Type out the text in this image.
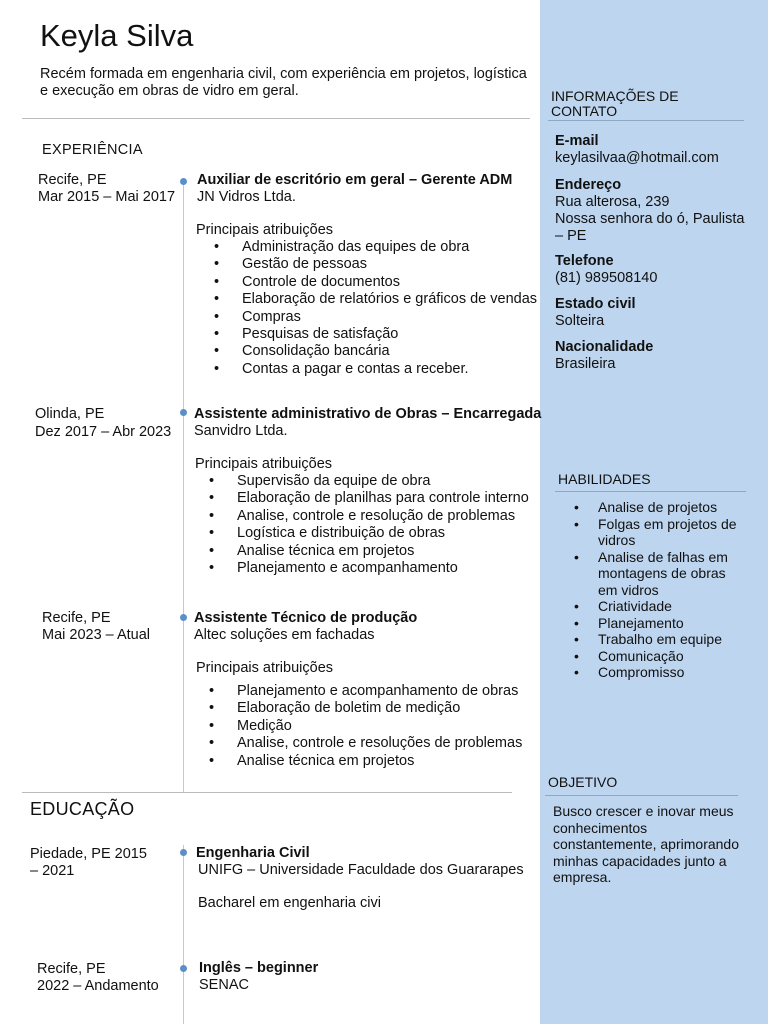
Keyla Silva
Recém formada em engenharia civil, com experiência em projetos, logística
e execução em obras de vidro em geral.
EXPERIÊNCIA
Recife, PE
Mar 2015 – Mai 2017
Auxiliar de escritório em geral – Gerente ADM
JN Vidros Ltda.
Principais atribuições
• Administração das equipes de obra
• Gestão de pessoas
• Controle de documentos
• Elaboração de relatórios e gráficos de vendas
• Compras
• Pesquisas de satisfação
• Consolidação bancária
• Contas a pagar e contas a receber.
Olinda, PE
Dez 2017 – Abr 2023
Assistente administrativo de Obras – Encarregada
Sanvidro Ltda.
Principais atribuições
• Supervisão da equipe de obra
• Elaboração de planilhas para controle interno
• Analise, controle e resolução de problemas
• Logística e distribuição de obras
• Analise técnica em projetos
• Planejamento e acompanhamento
Recife, PE
Mai 2023 – Atual
Assistente Técnico de produção
Altec soluções em fachadas
Principais atribuições
• Planejamento e acompanhamento de obras
• Elaboração de boletim de medição
• Medição
• Analise, controle e resoluções de problemas
• Analise técnica em projetos
EDUCAÇÃO
Piedade, PE 2015
– 2021
Engenharia Civil
UNIFG – Universidade Faculdade dos Guararapes
Bacharel em engenharia civi
Recife, PE
2022 – Andamento
Inglês – beginner
SENAC
INFORMAÇÕES DE
CONTATO
E-mail
keylasilvaa@hotmail.com
Endereço
Rua alterosa, 239
Nossa senhora do ó, Paulista
– PE
Telefone
(81) 989508140
Estado civil
Solteira
Nacionalidade
Brasileira
HABILIDADES
• Analise de projetos
• Folgas em projetos de
vidros
• Analise de falhas em
montagens de obras
em vidros
• Criatividade
• Planejamento
• Trabalho em equipe
• Comunicação
• Compromisso
OBJETIVO
Busco crescer e inovar meus
conhecimentos
constantemente, aprimorando
minhas capacidades junto a
empresa.
